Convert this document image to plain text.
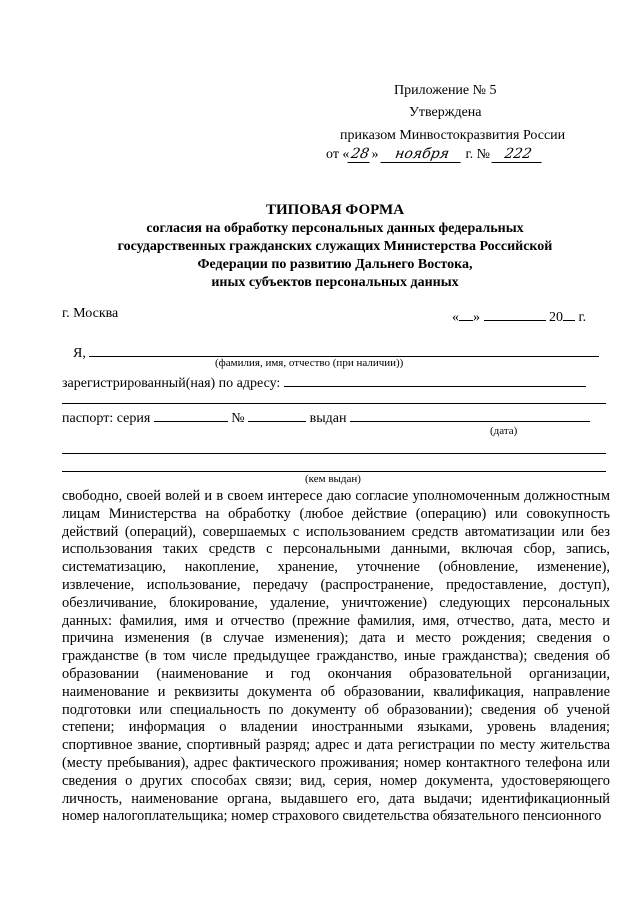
Приложение № 5
Утверждена
приказом Минвостокразвития России
от «28» ноября г. № 222
ТИПОВАЯ ФОРМА
согласия на обработку персональных данных федеральных
государственных гражданских служащих Министерства Российской
Федерации по развитию Дальнего Востока,
иных субъектов персональных данных
г. Москва	« »	20 г.
Я,
(фамилия, имя, отчество (при наличии))
зарегистрированный(ная) по адресу:
паспорт: серия	№	выдан
(дата)
(кем выдан)
свободно, своей волей и в своем интересе даю согласие уполномоченным должностным лицам Министерства на обработку (любое действие (операцию) или совокупность действий (операций), совершаемых с использованием средств автоматизации или без использования таких средств с персональными данными, включая сбор, запись, систематизацию, накопление, хранение, уточнение (обновление, изменение), извлечение, использование, передачу (распространение, предоставление, доступ), обезличивание, блокирование, удаление, уничтожение) следующих персональных данных: фамилия, имя и отчество (прежние фамилия, имя, отчество, дата, место и причина изменения (в случае изменения); дата и место рождения; сведения о гражданстве (в том числе предыдущее гражданство, иные гражданства); сведения об образовании (наименование и год окончания образовательной организации, наименование и реквизиты документа об образовании, квалификация, направление подготовки или специальность по документу об образовании); сведения об ученой степени; информация о владении иностранными языками, уровень владения; спортивное звание, спортивный разряд; адрес и дата регистрации по месту жительства (месту пребывания), адрес фактического проживания; номер контактного телефона или сведения о других способах связи; вид, серия, номер документа, удостоверяющего личность, наименование органа, выдавшего его, дата выдачи; идентификационный номер налогоплательщика; номер страхового свидетельства обязательного пенсионного
